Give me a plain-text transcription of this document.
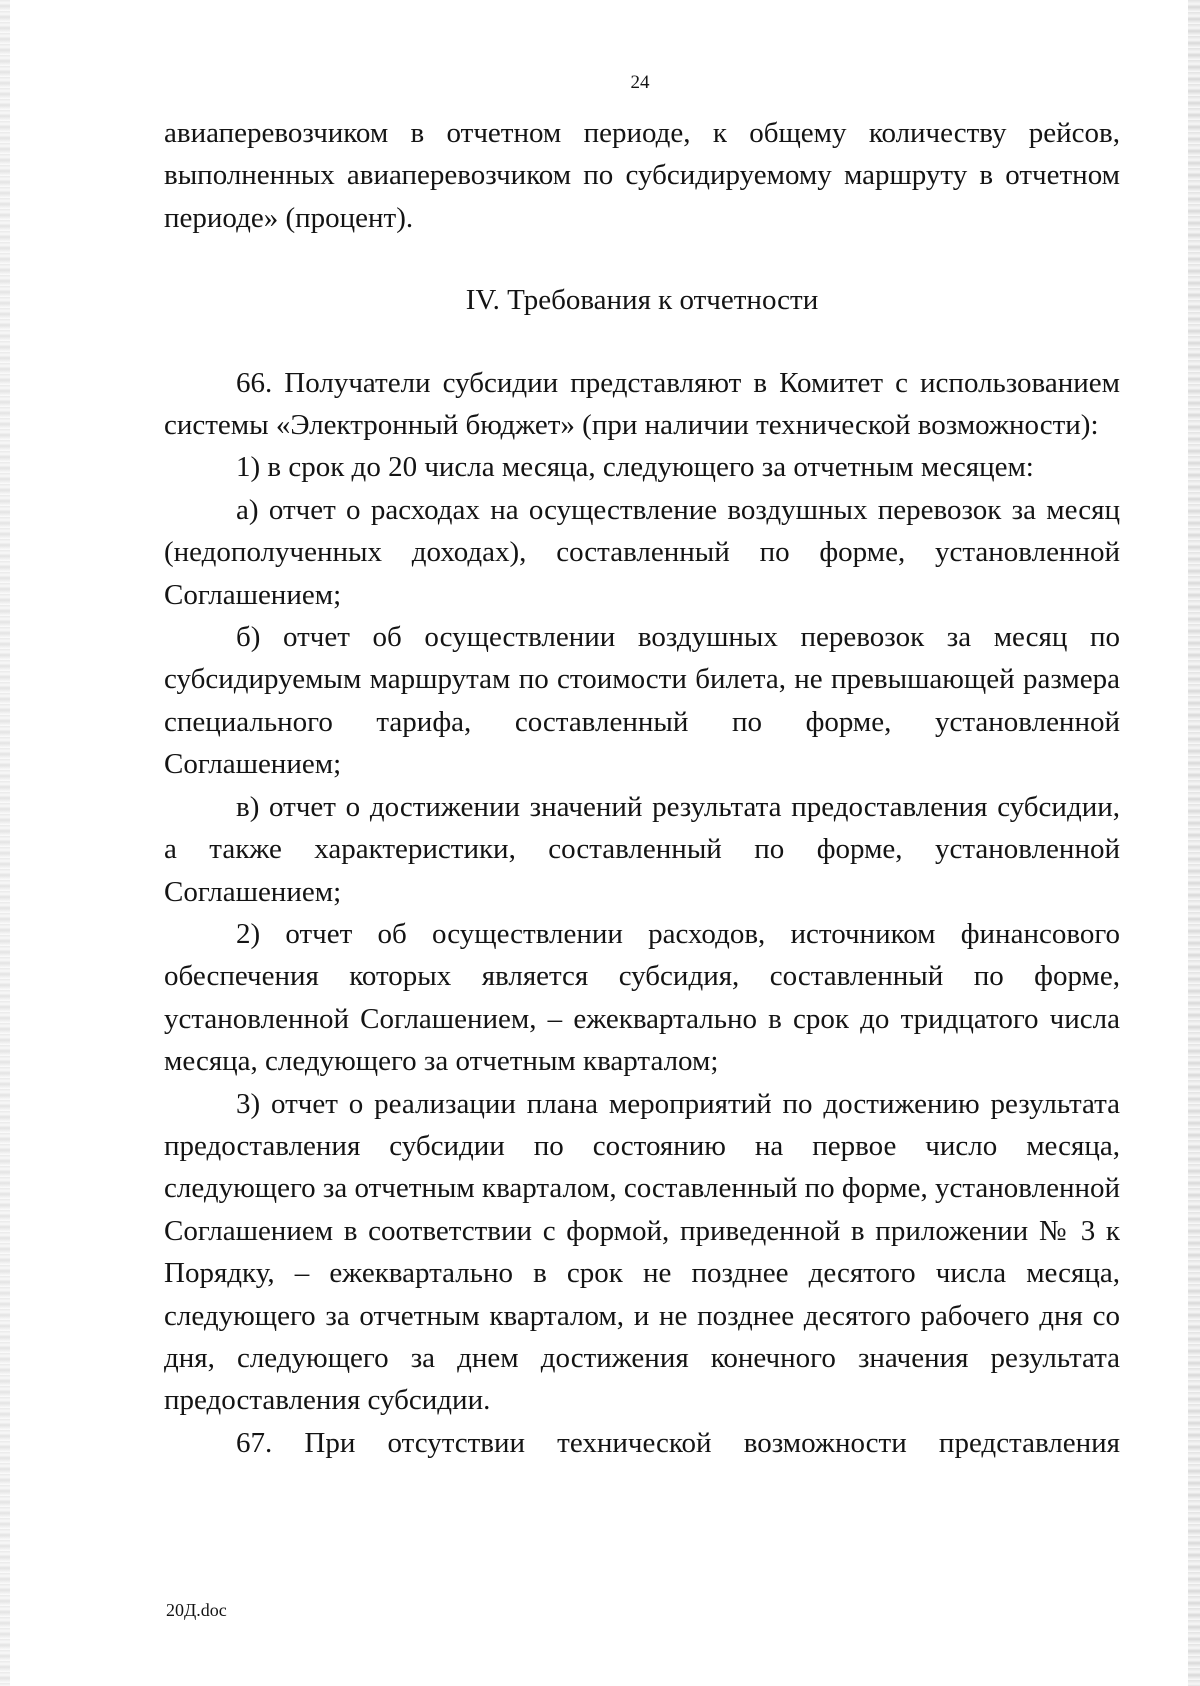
24

авиаперевозчиком в отчетном периоде, к общему количеству рейсов, выполненных авиаперевозчиком по субсидируемому маршруту в отчетном периоде» (процент).

IV. Требования к отчетности

66. Получатели субсидии представляют в Комитет с использованием системы «Электронный бюджет» (при наличии технической возможности):

1) в срок до 20 числа месяца, следующего за отчетным месяцем:

а) отчет о расходах на осуществление воздушных перевозок за месяц (недополученных доходах), составленный по форме, установленной Соглашением;

б) отчет об осуществлении воздушных перевозок за месяц по субсидируемым маршрутам по стоимости билета, не превышающей размера специального тарифа, составленный по форме, установленной Соглашением;

в) отчет о достижении значений результата предоставления субсидии, а также характеристики, составленный по форме, установленной Соглашением;

2) отчет об осуществлении расходов, источником финансового обеспечения которых является субсидия, составленный по форме, установленной Соглашением, – ежеквартально в срок до тридцатого числа месяца, следующего за отчетным кварталом;

3) отчет о реализации плана мероприятий по достижению результата предоставления субсидии по состоянию на первое число месяца, следующего за отчетным кварталом, составленный по форме, установленной Соглашением в соответствии с формой, приведенной в приложении № 3 к Порядку, – ежеквартально в срок не позднее десятого числа месяца, следующего за отчетным кварталом, и не позднее десятого рабочего дня со дня, следующего за днем достижения конечного значения результата предоставления субсидии.

67. При отсутствии технической возможности представления

20Д.doc
